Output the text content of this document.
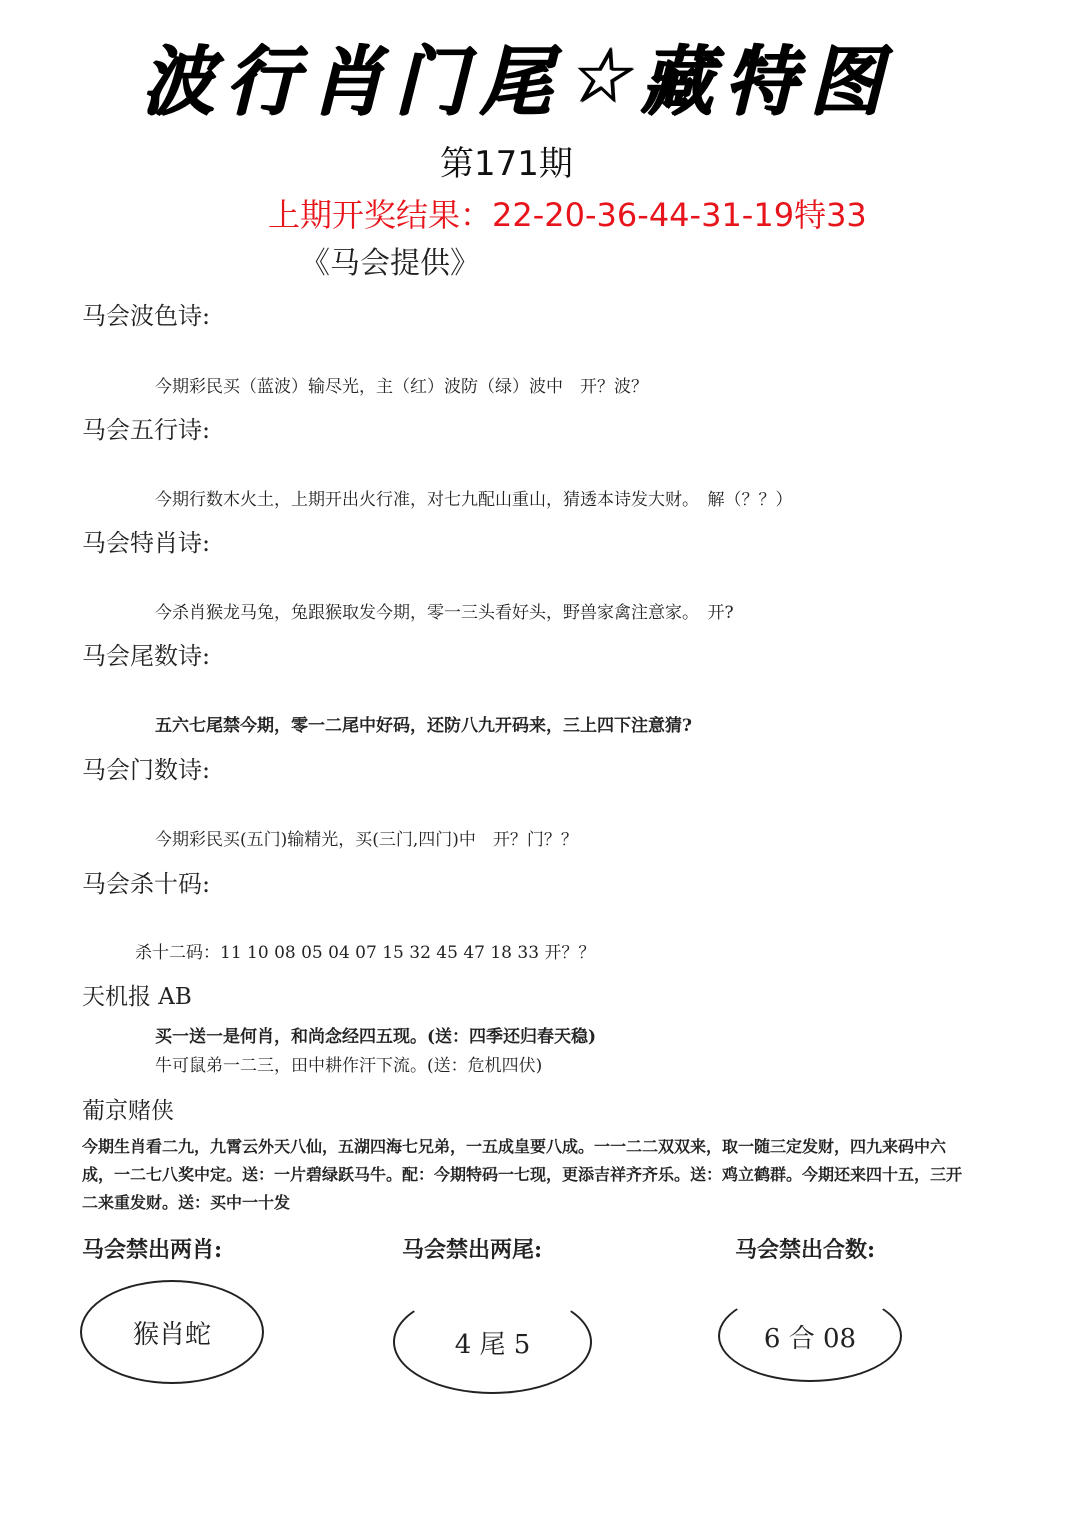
波
行
肖
门
尾
☆
藏
特
图
第171期
上期开奖结果：22-20-36-44-31-19特33
《马会提供》
马会波色诗:
今期彩民买（蓝波）输尽光，主（红）波防（绿）波中　开？波？
马会五行诗:
今期行数木火土，上期开出火行准，对七九配山重山，猜透本诗发大财。　解（？？）
马会特肖诗:
今杀肖猴龙马兔，兔跟猴取发今期，零一三头看好头，野兽家禽注意家。　开?
马会尾数诗:
五六七尾禁今期，零一二尾中好码，还防八九开码来，三上四下注意猜?
马会门数诗:
今期彩民买(五门)输精光，买(三门,四门)中　开？门？？
马会杀十码:
杀十二码：11 10 08 05 04 07 15 32 45 47 18 33 开？？
天机报 AB
买一送一是何肖，和尚念经四五现。(送：四季还归春天稳)
牛可鼠弟一二三，田中耕作汗下流。(送：危机四伏)
葡京赌侠
今期生肖看二九，九霄云外天八仙，五湖四海七兄弟，一五成皇要八成。一一二二双双来，取一随三定发财，四九来码中六成，一二七八奖中定。送：一片碧绿跃马牛。配：今期特码一七现，更添吉祥齐齐乐。送：鸡立鹤群。今期还来四十五，三开二来重发财。送：买中一十发
马会禁出两肖:	马会禁出两尾:	马会禁出合数:
猴肖蛇	4 尾 5	6 合 08
